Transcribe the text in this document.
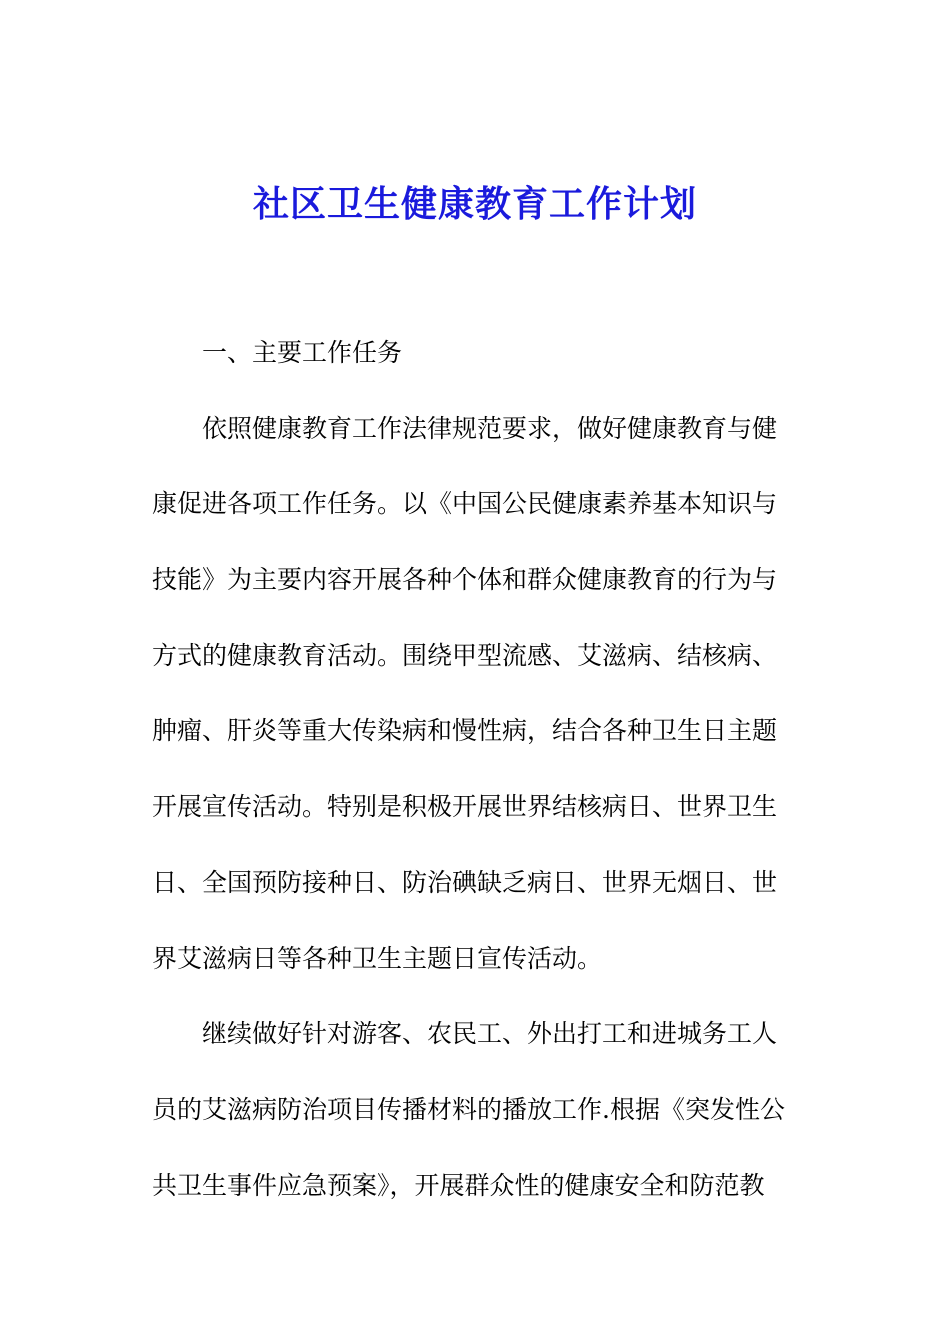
社区卫生健康教育工作计划
一、主要工作任务
依照健康教育工作法律规范要求，做好健康教育与健
康促进各项工作任务。以《中国公民健康素养基本知识与
技能》为主要内容开展各种个体和群众健康教育的行为与
方式的健康教育活动。围绕甲型流感、艾滋病、结核病、
肿瘤、肝炎等重大传染病和慢性病，结合各种卫生日主题
开展宣传活动。特别是积极开展世界结核病日、世界卫生
日、全国预防接种日、防治碘缺乏病日、世界无烟日、世
界艾滋病日等各种卫生主题日宣传活动。
继续做好针对游客、农民工、外出打工和进城务工人
员的艾滋病防治项目传播材料的播放工作.根据《突发性公
共卫生事件应急预案》，开展群众性的健康安全和防范教
